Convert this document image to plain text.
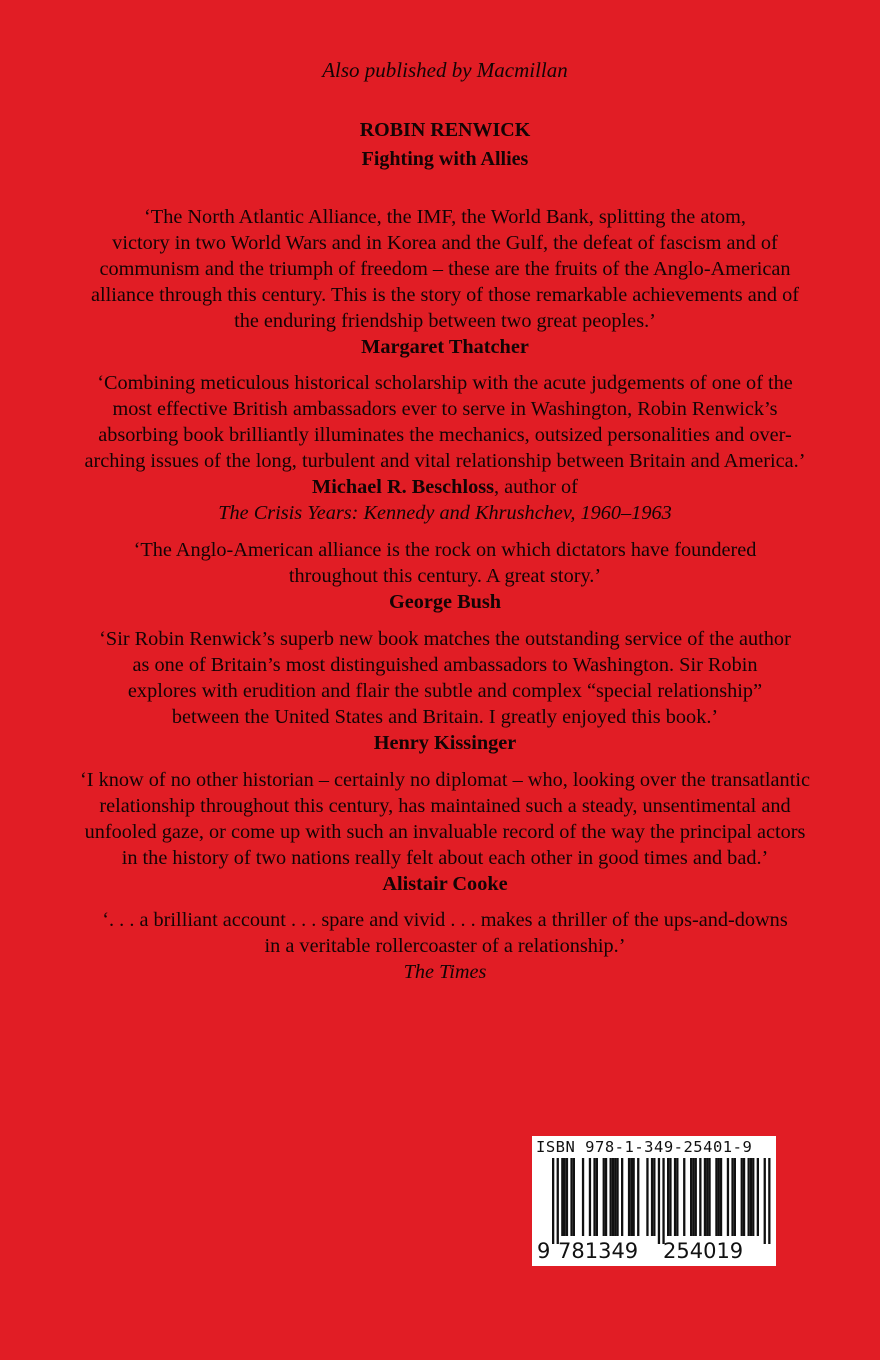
Also published by Macmillan
ROBIN RENWICK
Fighting with Allies
‘The North Atlantic Alliance, the IMF, the World Bank, splitting the atom,
victory in two World Wars and in Korea and the Gulf, the defeat of fascism and of
communism and the triumph of freedom – these are the fruits of the Anglo-American
alliance through this century. This is the story of those remarkable achievements and of
the enduring friendship between two great peoples.’
Margaret Thatcher
‘Combining meticulous historical scholarship with the acute judgements of one of the
most effective British ambassadors ever to serve in Washington, Robin Renwick’s
absorbing book brilliantly illuminates the mechanics, outsized personalities and over-
arching issues of the long, turbulent and vital relationship between Britain and America.’
Michael R. Beschloss, author of
The Crisis Years: Kennedy and Khrushchev, 1960–1963
‘The Anglo-American alliance is the rock on which dictators have foundered
throughout this century. A great story.’
George Bush
‘Sir Robin Renwick’s superb new book matches the outstanding service of the author
as one of Britain’s most distinguished ambassadors to Washington. Sir Robin
explores with erudition and flair the subtle and complex “special relationship”
between the United States and Britain. I greatly enjoyed this book.’
Henry Kissinger
‘I know of no other historian – certainly no diplomat – who, looking over the transatlantic
relationship throughout this century, has maintained such a steady, unsentimental and
unfooled gaze, or come up with such an invaluable record of the way the principal actors
in the history of two nations really felt about each other in good times and bad.’
Alistair Cooke
‘. . . a brilliant account . . . spare and vivid . . . makes a thriller of the ups-and-downs
in a veritable rollercoaster of a relationship.’
The Times
ISBN 978-1-349-25401-9
9 781349 254019
